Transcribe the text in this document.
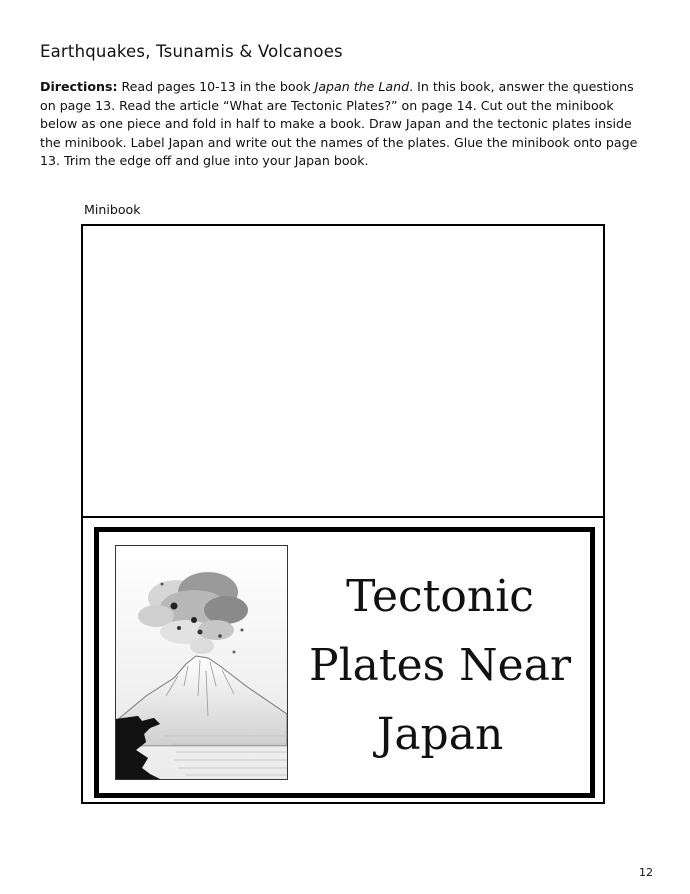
Earthquakes, Tsunamis & Volcanoes
Directions: Read pages 10-13 in the book Japan the Land. In this book, answer the questions on page 13. Read the article “What are Tectonic Plates?” on page 14. Cut out the minibook below as one piece and fold in half to make a book. Draw Japan and the tectonic plates inside the minibook. Label Japan and write out the names of the plates. Glue the minibook onto page 13. Trim the edge off and glue into your Japan book.
Minibook
Tectonic
Plates Near
Japan
12
